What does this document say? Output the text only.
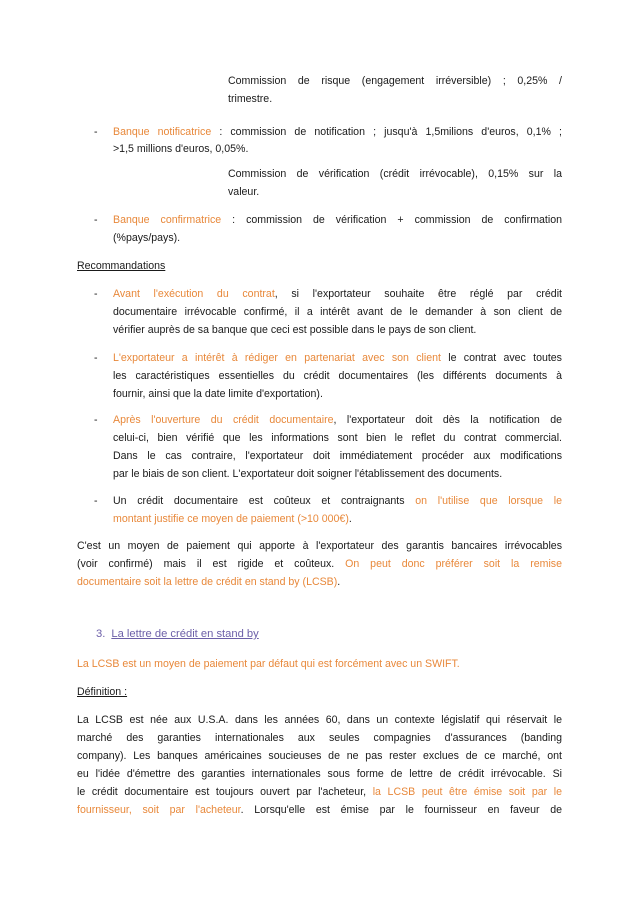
Commission de risque (engagement irréversible) ; 0,25% /

trimestre.

- Banque notificatrice : commission de notification ; jusqu'à 1,5milions d'euros, 0,1% ;

>1,5 millions d'euros, 0,05%.

Commission de vérification (crédit irrévocable), 0,15% sur la

valeur.

- Banque confirmatrice : commission de vérification + commission de confirmation

(%pays/pays).

Recommandations

- Avant l'exécution du contrat, si l'exportateur souhaite être réglé par crédit

documentaire irrévocable confirmé, il a intérêt avant de le demander à son client de

vérifier auprès de sa banque que ceci est possible dans le pays de son client.

- L'exportateur a intérêt à rédiger en partenariat avec son client le contrat avec toutes

les caractéristiques essentielles du crédit documentaires (les différents documents à

fournir, ainsi que la date limite d'exportation).

- Après l'ouverture du crédit documentaire, l'exportateur doit dès la notification de

celui-ci, bien vérifié que les informations sont bien le reflet du contrat commercial.

Dans le cas contraire, l'exportateur doit immédiatement procéder aux modifications

par le biais de son client. L'exportateur doit soigner l'établissement des documents.

- Un crédit documentaire est coûteux et contraignants on l'utilise que lorsque le

montant justifie ce moyen de paiement (>10 000€).

C'est un moyen de paiement qui apporte à l'exportateur des garantis bancaires irrévocables

(voir confirmé) mais il est rigide et coûteux. On peut donc préférer soit la remise

documentaire soit la lettre de crédit en stand by (LCSB).

3. La lettre de crédit en stand by

La LCSB est un moyen de paiement par défaut qui est forcément avec un SWIFT.

Définition :

La LCSB est née aux U.S.A. dans les années 60, dans un contexte législatif qui réservait le

marché des garanties internationales aux seules compagnies d'assurances (banding

company). Les banques américaines soucieuses de ne pas rester exclues de ce marché, ont

eu l'idée d'émettre des garanties internationales sous forme de lettre de crédit irrévocable. Si

le crédit documentaire est toujours ouvert par l'acheteur, la LCSB peut être émise soit par le

fournisseur, soit par l'acheteur. Lorsqu'elle est émise par le fournisseur en faveur de
